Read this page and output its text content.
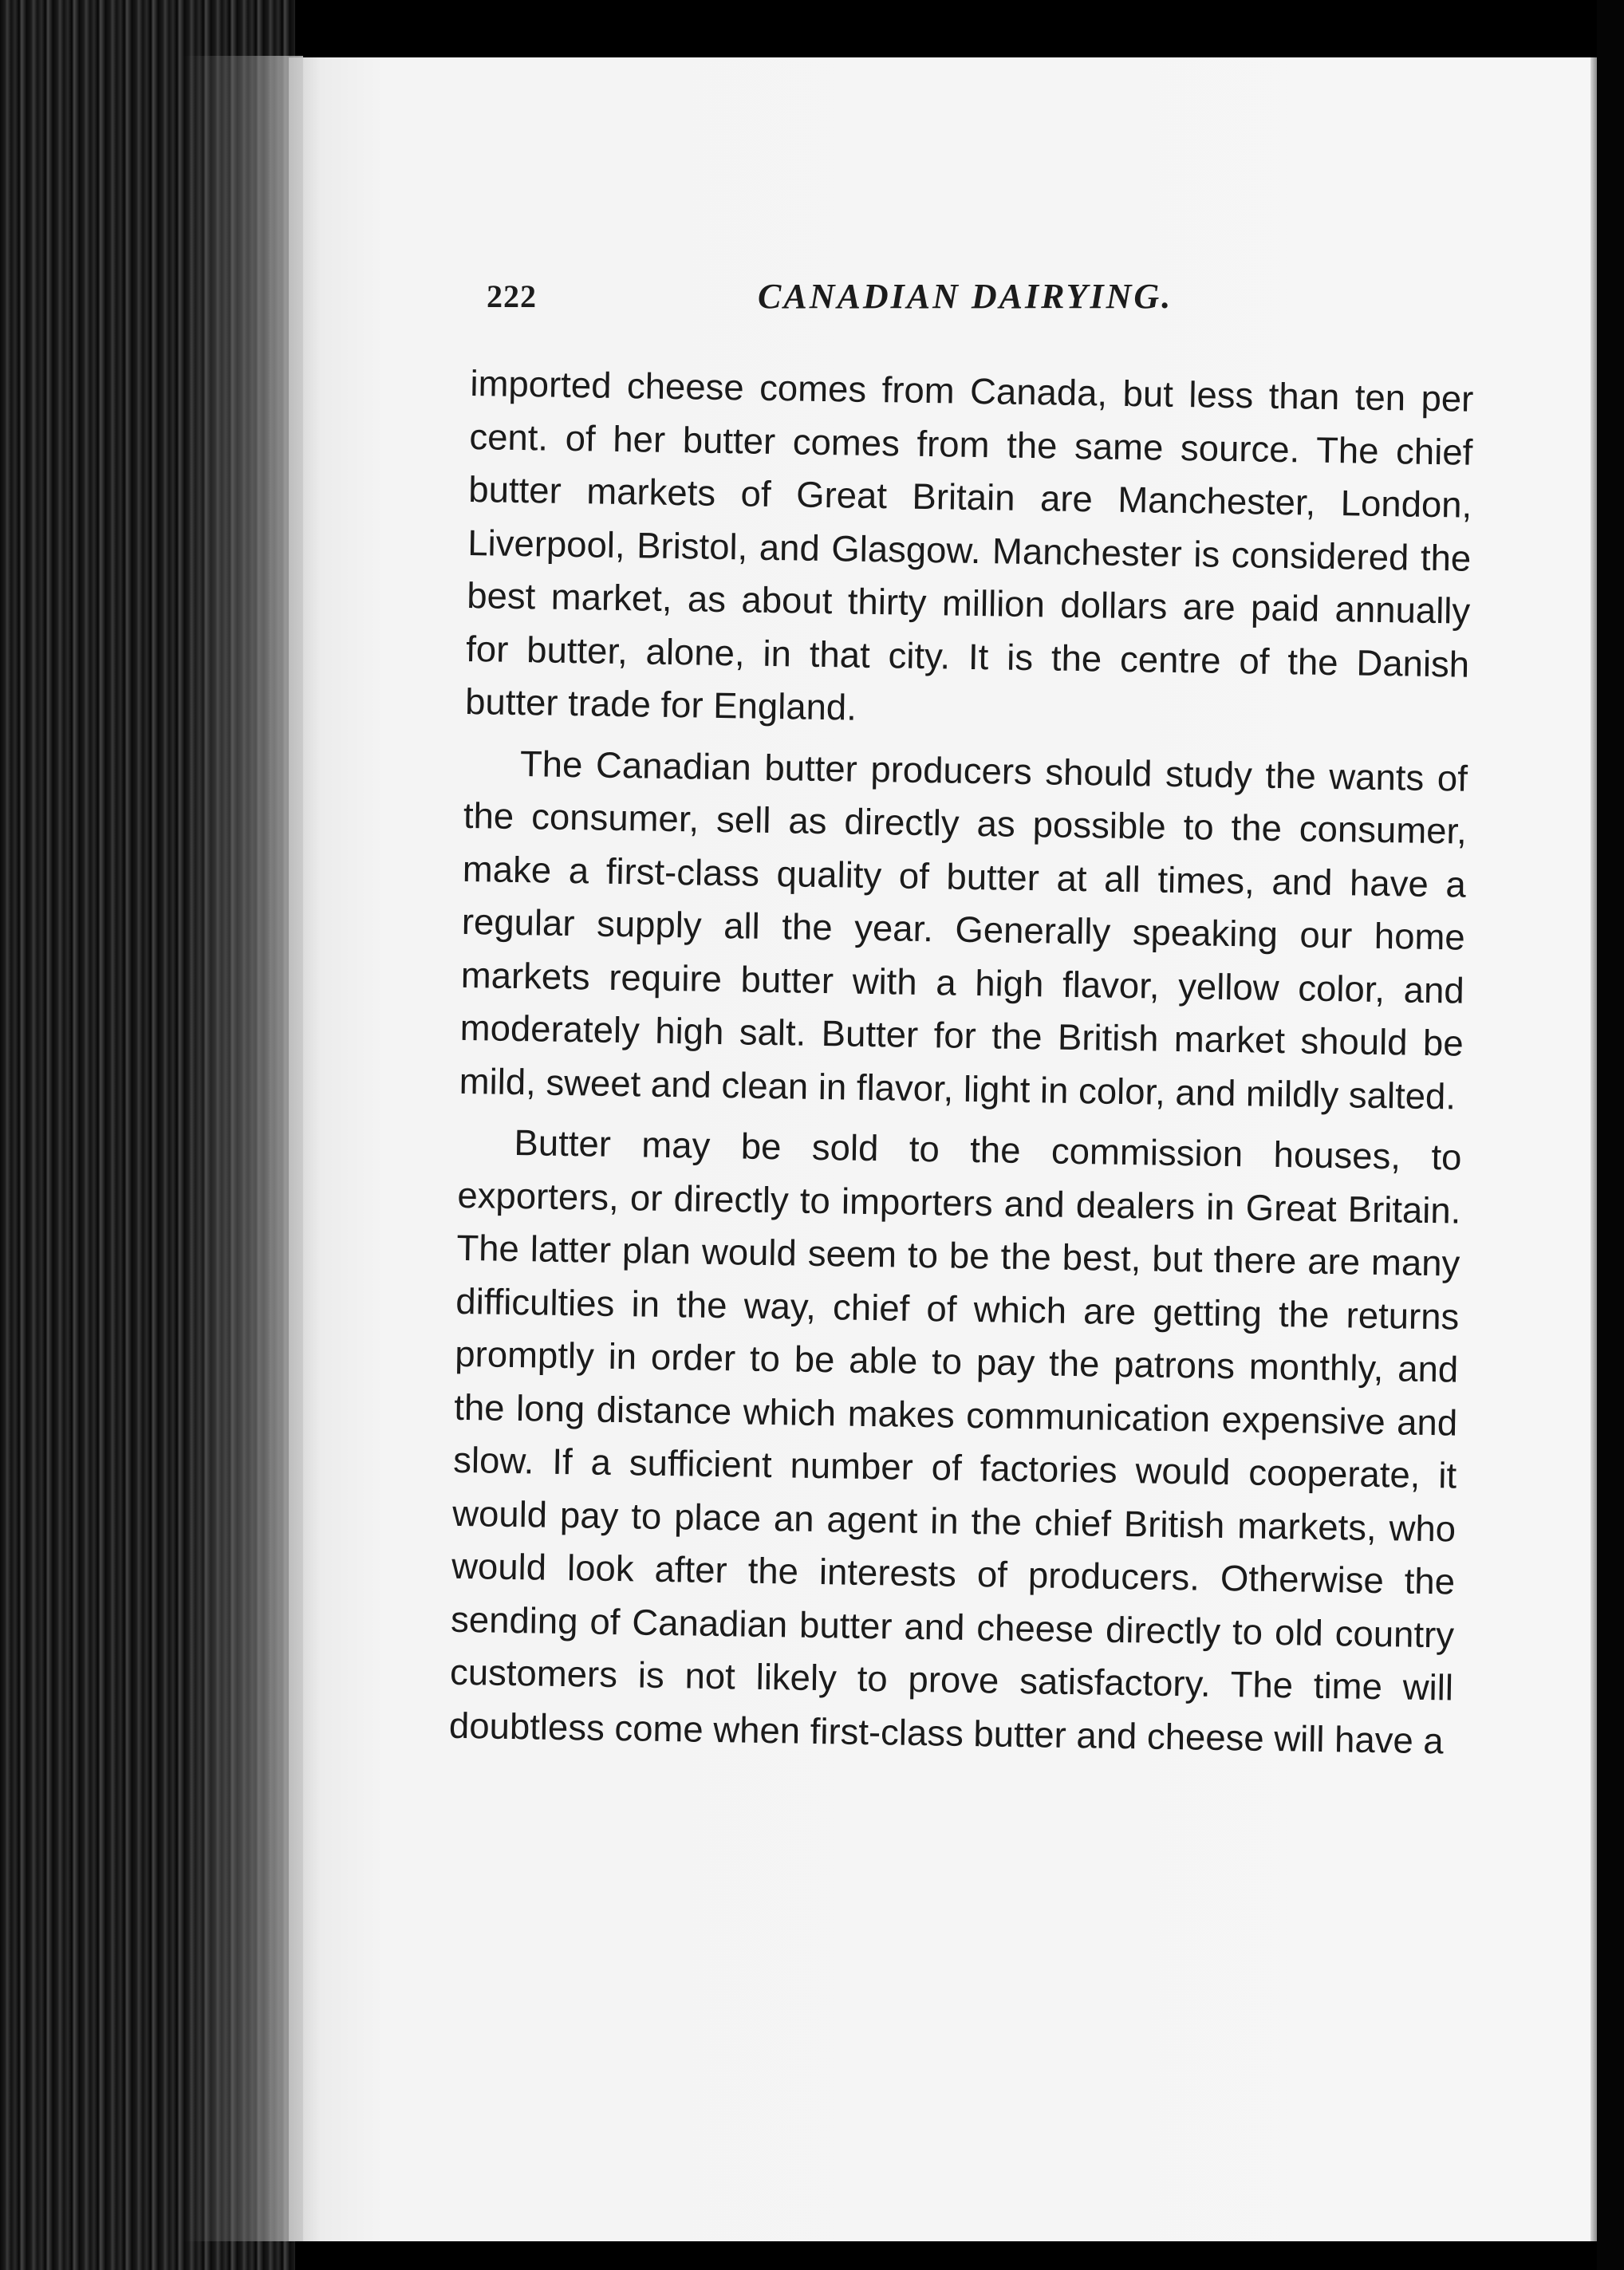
222	CANADIAN DAIRYING.

imported cheese comes from Canada, but less than ten per cent. of her butter comes from the same source. The chief butter markets of Great Britain are Manchester, London, Liverpool, Bristol, and Glasgow. Manchester is considered the best market, as about thirty million dollars are paid annually for butter, alone, in that city. It is the centre of the Danish butter trade for England.

The Canadian butter producers should study the wants of the consumer, sell as directly as possible to the consumer, make a first-class quality of butter at all times, and have a regular supply all the year. Generally speaking our home markets require butter with a high flavor, yellow color, and moderately high salt. Butter for the British market should be mild, sweet and clean in flavor, light in color, and mildly salted.

Butter may be sold to the commission houses, to exporters, or directly to importers and dealers in Great Britain. The latter plan would seem to be the best, but there are many difficulties in the way, chief of which are getting the returns promptly in order to be able to pay the patrons monthly, and the long distance which makes communication expensive and slow. If a sufficient number of factories would cooperate, it would pay to place an agent in the chief British markets, who would look after the interests of producers. Otherwise the sending of Canadian butter and cheese directly to old country customers is not likely to prove satisfactory. The time will doubtless come when first-class butter and cheese will have a
